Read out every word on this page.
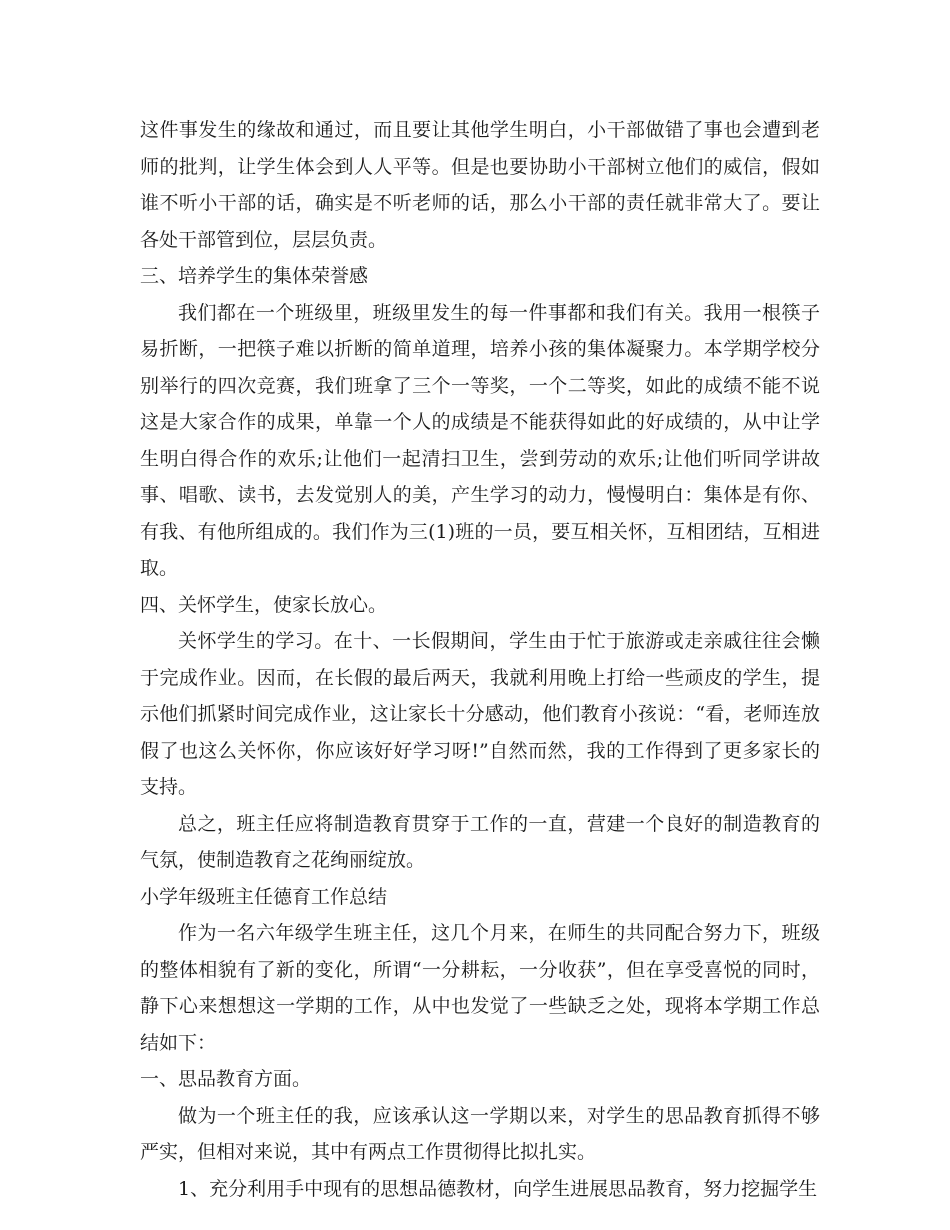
这件事发生的缘故和通过，而且要让其他学生明白，小干部做错了事也会遭到老师的批判，让学生体会到人人平等。但是也要协助小干部树立他们的威信，假如谁不听小干部的话，确实是不听老师的话，那么小干部的责任就非常大了。要让各处干部管到位，层层负责。

三、培养学生的集体荣誉感

我们都在一个班级里，班级里发生的每一件事都和我们有关。我用一根筷子易折断，一把筷子难以折断的简单道理，培养小孩的集体凝聚力。本学期学校分别举行的四次竞赛，我们班拿了三个一等奖，一个二等奖，如此的成绩不能不说这是大家合作的成果，单靠一个人的成绩是不能获得如此的好成绩的，从中让学生明白得合作的欢乐;让他们一起清扫卫生，尝到劳动的欢乐;让他们听同学讲故事、唱歌、读书，去发觉别人的美，产生学习的动力，慢慢明白：集体是有你、有我、有他所组成的。我们作为三(1)班的一员，要互相关怀，互相团结，互相进取。

四、关怀学生，使家长放心。

关怀学生的学习。在十、一长假期间，学生由于忙于旅游或走亲戚往往会懒于完成作业。因而，在长假的最后两天，我就利用晚上打给一些顽皮的学生，提示他们抓紧时间完成作业，这让家长十分感动，他们教育小孩说：“看，老师连放假了也这么关怀你，你应该好好学习呀!”自然而然，我的工作得到了更多家长的支持。

总之，班主任应将制造教育贯穿于工作的一直，营建一个良好的制造教育的气氛，使制造教育之花绚丽绽放。

小学年级班主任德育工作总结

作为一名六年级学生班主任，这几个月来，在师生的共同配合努力下，班级的整体相貌有了新的变化，所谓“一分耕耘，一分收获”，但在享受喜悦的同时，静下心来想想这一学期的工作，从中也发觉了一些缺乏之处，现将本学期工作总结如下：

一、思品教育方面。

做为一个班主任的我，应该承认这一学期以来，对学生的思品教育抓得不够严实，但相对来说，其中有两点工作贯彻得比拟扎实。

1、充分利用手中现有的思想品德教材，向学生进展思品教育，努力挖掘学生
